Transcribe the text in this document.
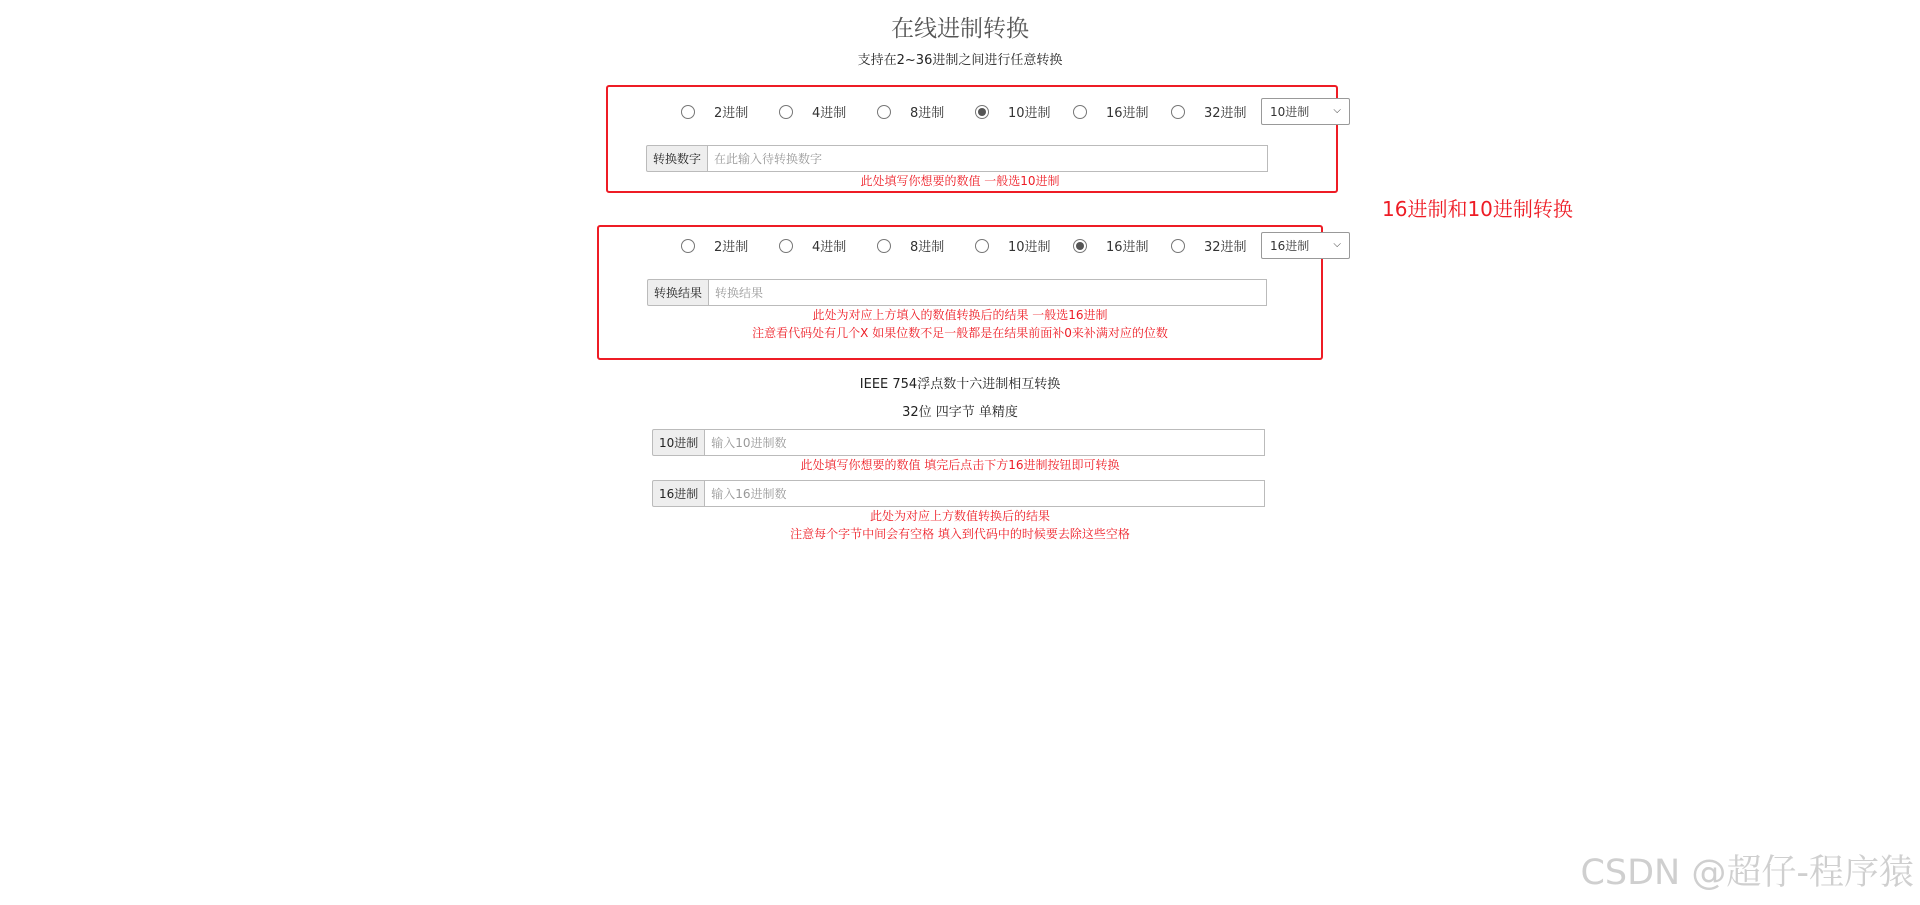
在线进制转换
支持在2~36进制之间进行任意转换
2进制	4进制	8进制	10进制	16进制	32进制	10进制 ⌵
转换数字
在此输入待转换数字
此处填写你想要的数值 一般选10进制
2进制	4进制	8进制	10进制	16进制	32进制	16进制 ⌵
转换结果
转换结果
此处为对应上方填入的数值转换后的结果 一般选16进制
注意看代码处有几个X 如果位数不足一般都是在结果前面补0来补满对应的位数
16进制和10进制转换
IEEE 754浮点数十六进制相互转换
32位 四字节 单精度
10进制
输入10进制数
此处填写你想要的数值 填完后点击下方16进制按钮即可转换
16进制
输入16进制数
此处为对应上方数值转换后的结果
注意每个字节中间会有空格 填入到代码中的时候要去除这些空格
CSDN @超仔-程序猿
